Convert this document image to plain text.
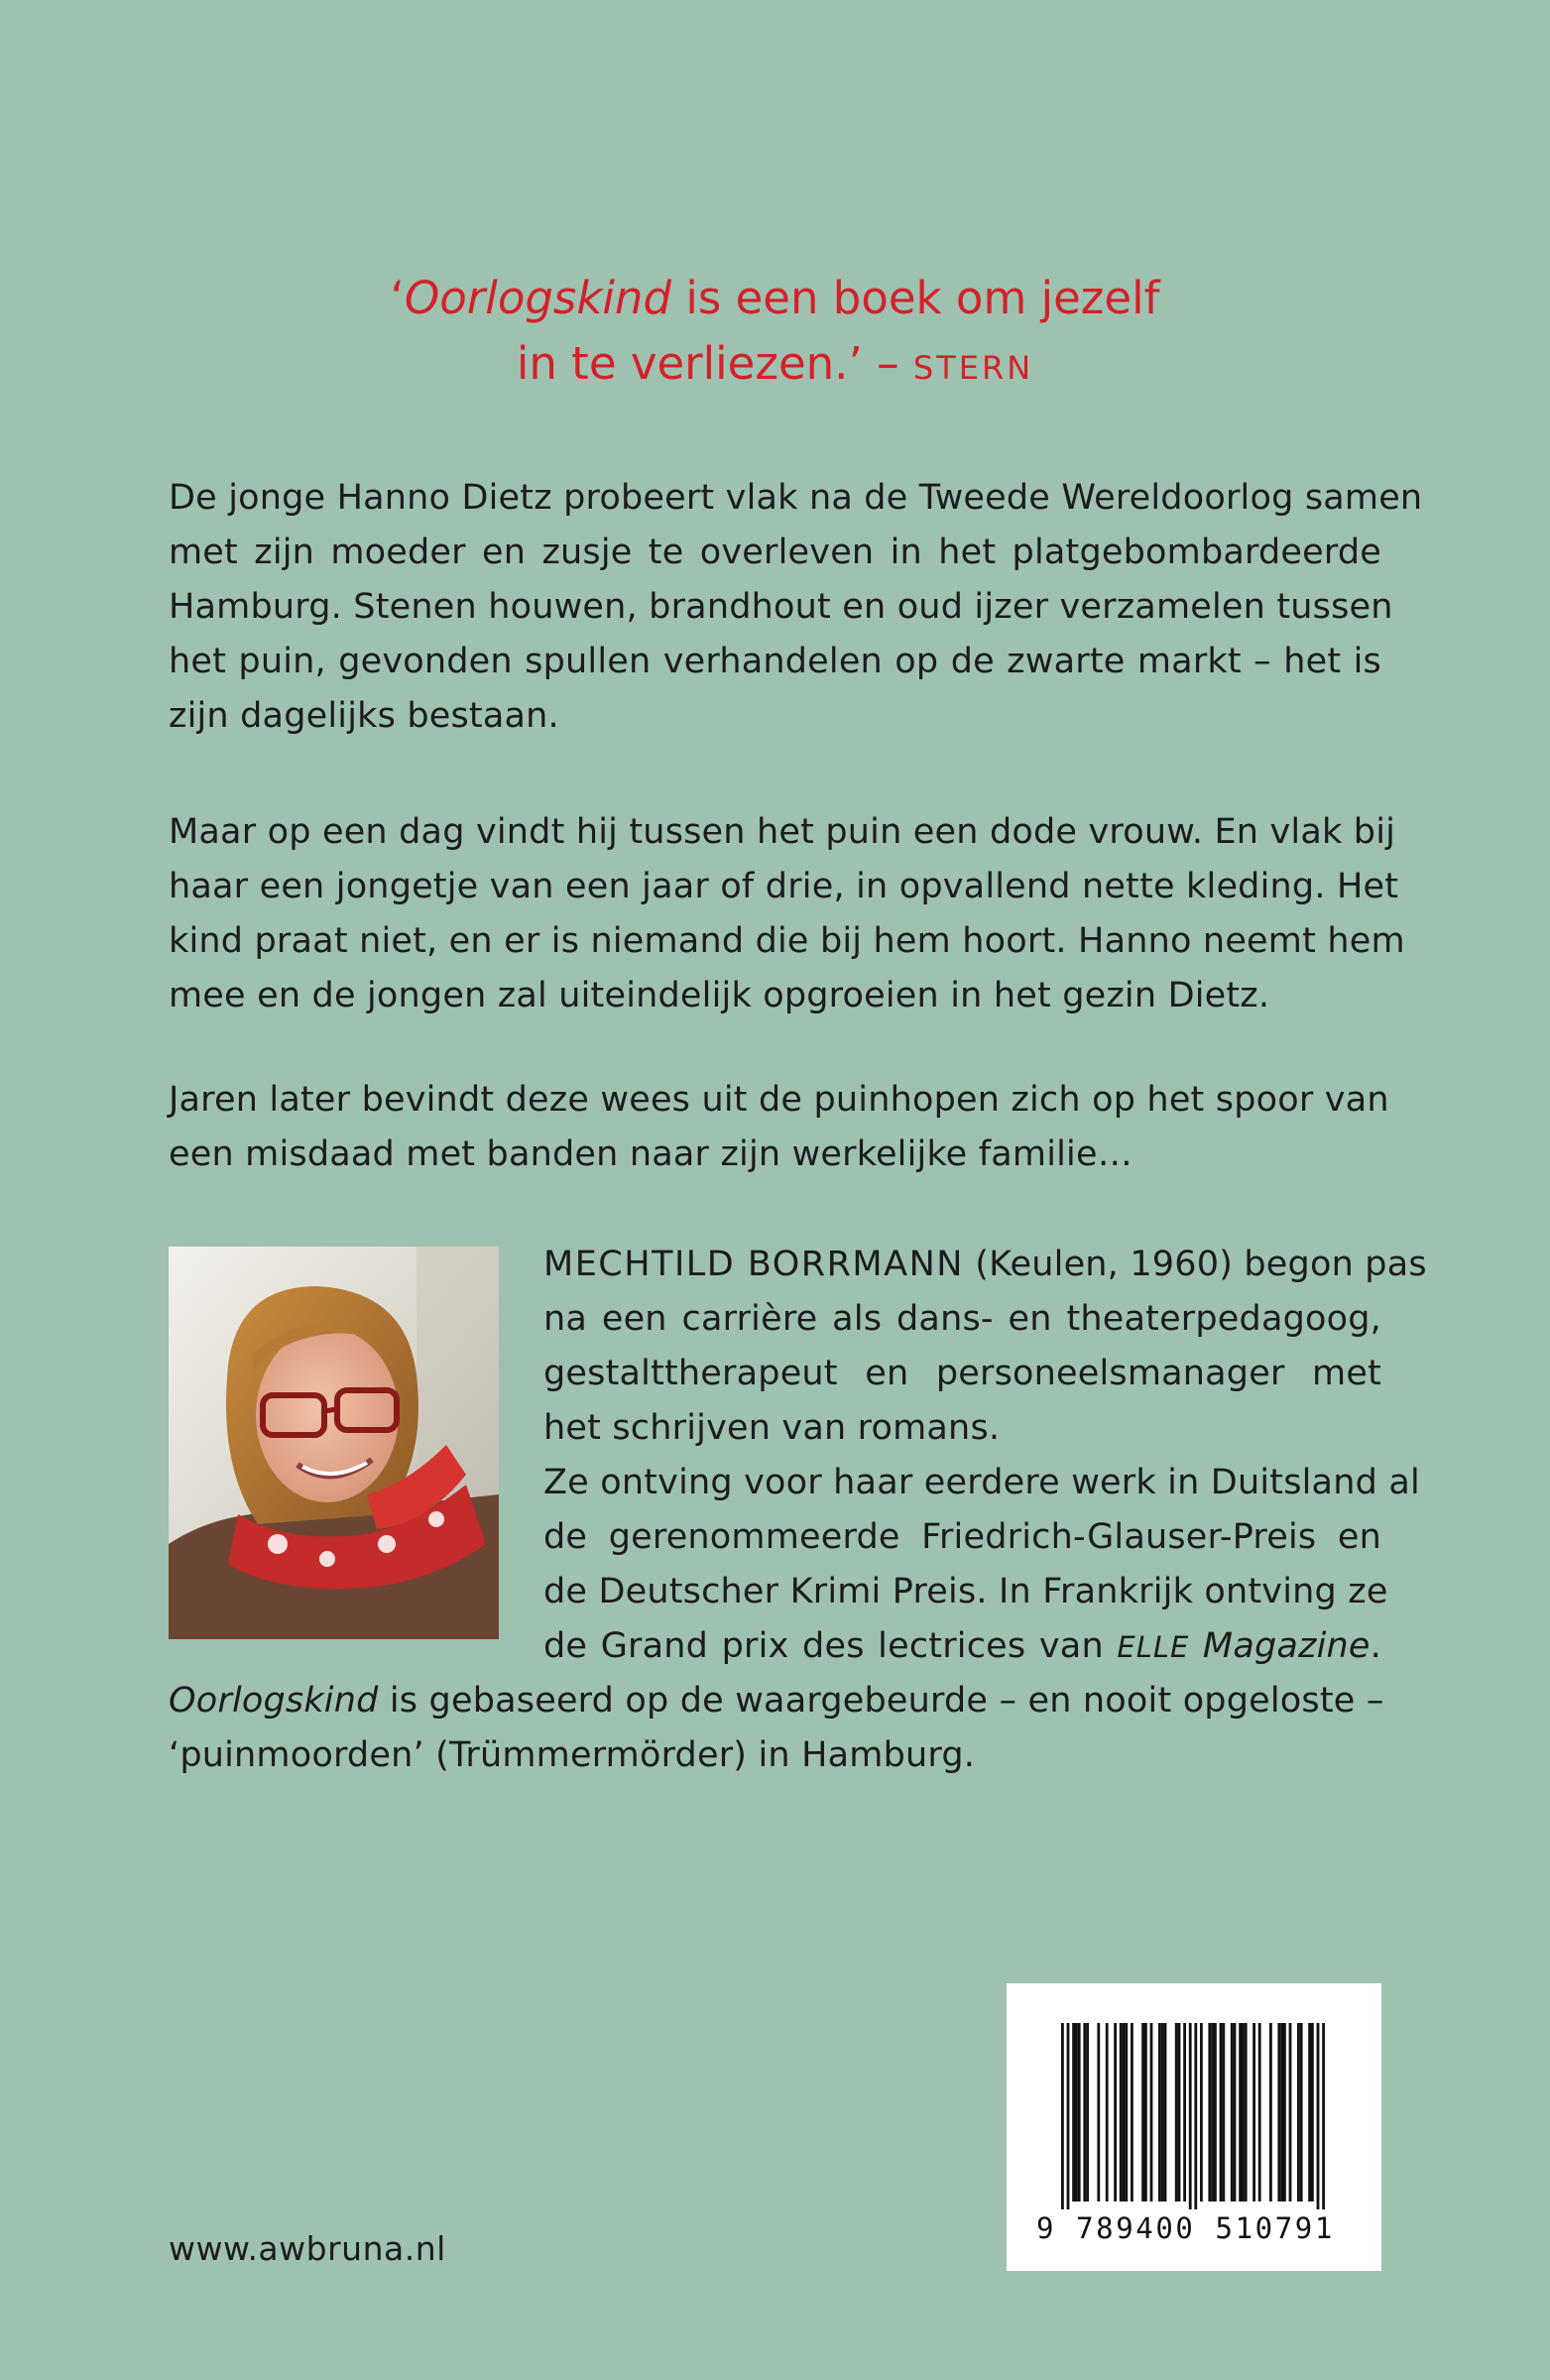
‘Oorlogskind is een boek om jezelf
in te verliezen.’ – STERN

De jonge Hanno Dietz probeert vlak na de Tweede Wereldoorlog samen
met zijn moeder en zusje te overleven in het platgebombardeerde
Hamburg. Stenen houwen, brandhout en oud ijzer verzamelen tussen
het puin, gevonden spullen verhandelen op de zwarte markt – het is
zijn dagelijks bestaan.

Maar op een dag vindt hij tussen het puin een dode vrouw. En vlak bij
haar een jongetje van een jaar of drie, in opvallend nette kleding. Het
kind praat niet, en er is niemand die bij hem hoort. Hanno neemt hem
mee en de jongen zal uiteindelijk opgroeien in het gezin Dietz.

Jaren later bevindt deze wees uit de puinhopen zich op het spoor van
een misdaad met banden naar zijn werkelijke familie…

MECHTILD BORRMANN (Keulen, 1960) begon pas
na een carrière als dans- en theaterpedagoog,
gestalttherapeut en personeelsmanager met
het schrijven van romans.
Ze ontving voor haar eerdere werk in Duitsland al
de gerenommeerde Friedrich-Glauser-Preis en
de Deutscher Krimi Preis. In Frankrijk ontving ze
de Grand prix des lectrices van ELLE Magazine.

Oorlogskind is gebaseerd op de waargebeurde – en nooit opgeloste –
‘puinmoorden’ (Trümmermörder) in Hamburg.

www.awbruna.nl
9 789400 510791
